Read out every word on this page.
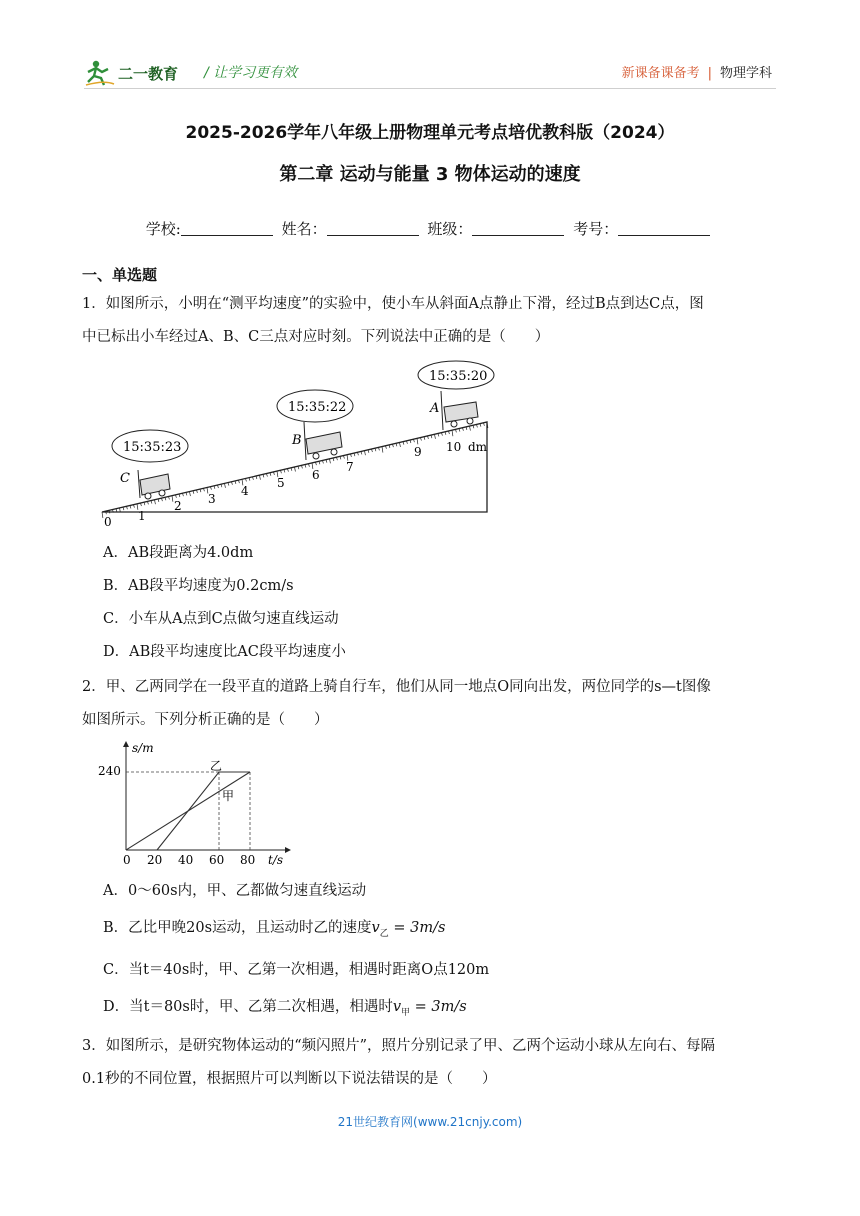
二一教育 / 让学习更有效	新课备课备考 | 物理学科
2025-2026学年八年级上册物理单元考点培优教科版（2024）
第二章 运动与能量 3 物体运动的速度
学校:	姓名：	班级：	考号：
一、单选题
1．如图所示，小明在“测平均速度”的实验中，使小车从斜面A点静止下滑，经过B点到达C点，图
中已标出小车经过A、B、C三点对应时刻。下列说法中正确的是（　　）
0 1
2 3
4
5
6
7
9 10 dm
C
15:35:23	B
15:35:22	A
15:35:20
A．AB段距离为4.0dm
B．AB段平均速度为0.2cm/s
C．小车从A点到C点做匀速直线运动
D．AB段平均速度比AC段平均速度小
2．甲、乙两同学在一段平直的道路上骑自行车，他们从同一地点O同向出发，两位同学的s—t图像
如图所示。下列分析正确的是（　　）
s/m
t/s
240
0 20 40 60 80
乙
甲
A．0～60s内，甲、乙都做匀速直线运动
B．乙比甲晚20s运动，且运动时乙的速度$v_乙 = 3m/s$
C．当t＝40s时，甲、乙第一次相遇，相遇时距离O点120m
D．当t＝80s时，甲、乙第二次相遇，相遇时$v_甲 = 3m/s$
3．如图所示，是研究物体运动的“频闪照片”，照片分别记录了甲、乙两个运动小球从左向右、每隔
0.1秒的不同位置，根据照片可以判断以下说法错误的是（　　）
21世纪教育网(www.21cnjy.com)
